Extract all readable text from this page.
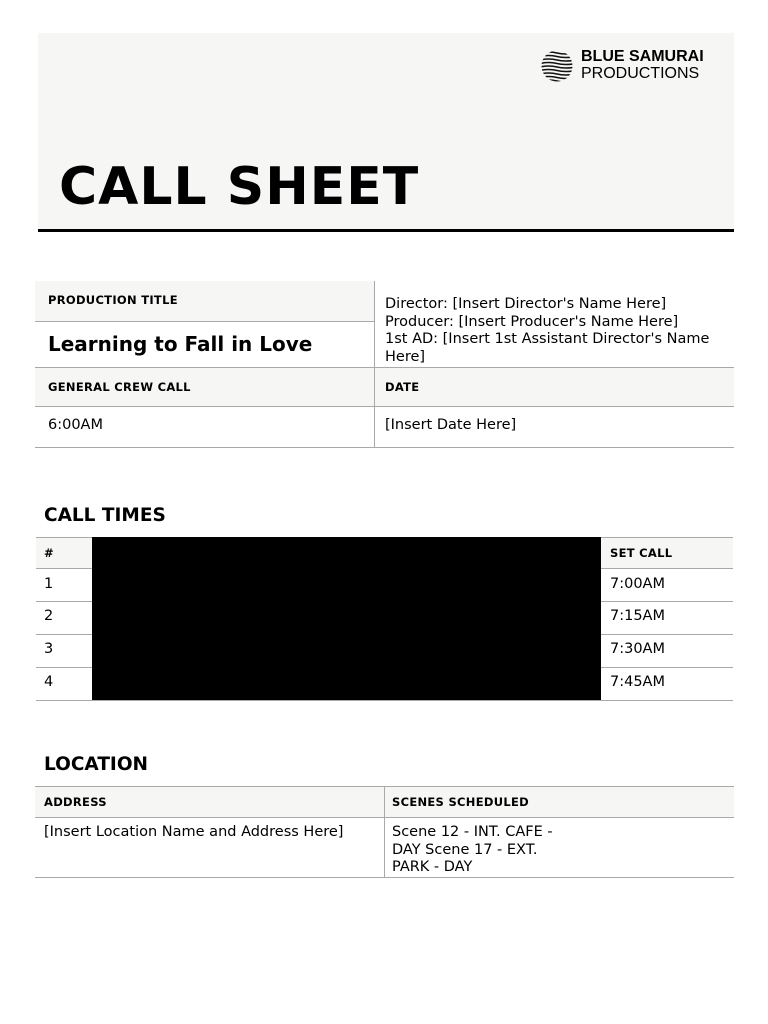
BLUE SAMURAI
PRODUCTIONS
CALL SHEET
PRODUCTION TITLE
Learning to Fall in Love
Director: [Insert Director's Name Here]
Producer: [Insert Producer's Name Here]
1st AD: [Insert 1st Assistant Director's Name Here]
GENERAL CREW CALL	DATE
6:00AM	[Insert Date Here]
CALL TIMES
#	SET CALL
1	7:00AM
2	7:15AM
3	7:30AM
4	7:45AM
LOCATION
ADDRESS	SCENES SCHEDULED
[Insert Location Name and Address Here]	Scene 12 - INT. CAFE - DAY Scene 17 - EXT. PARK - DAY
